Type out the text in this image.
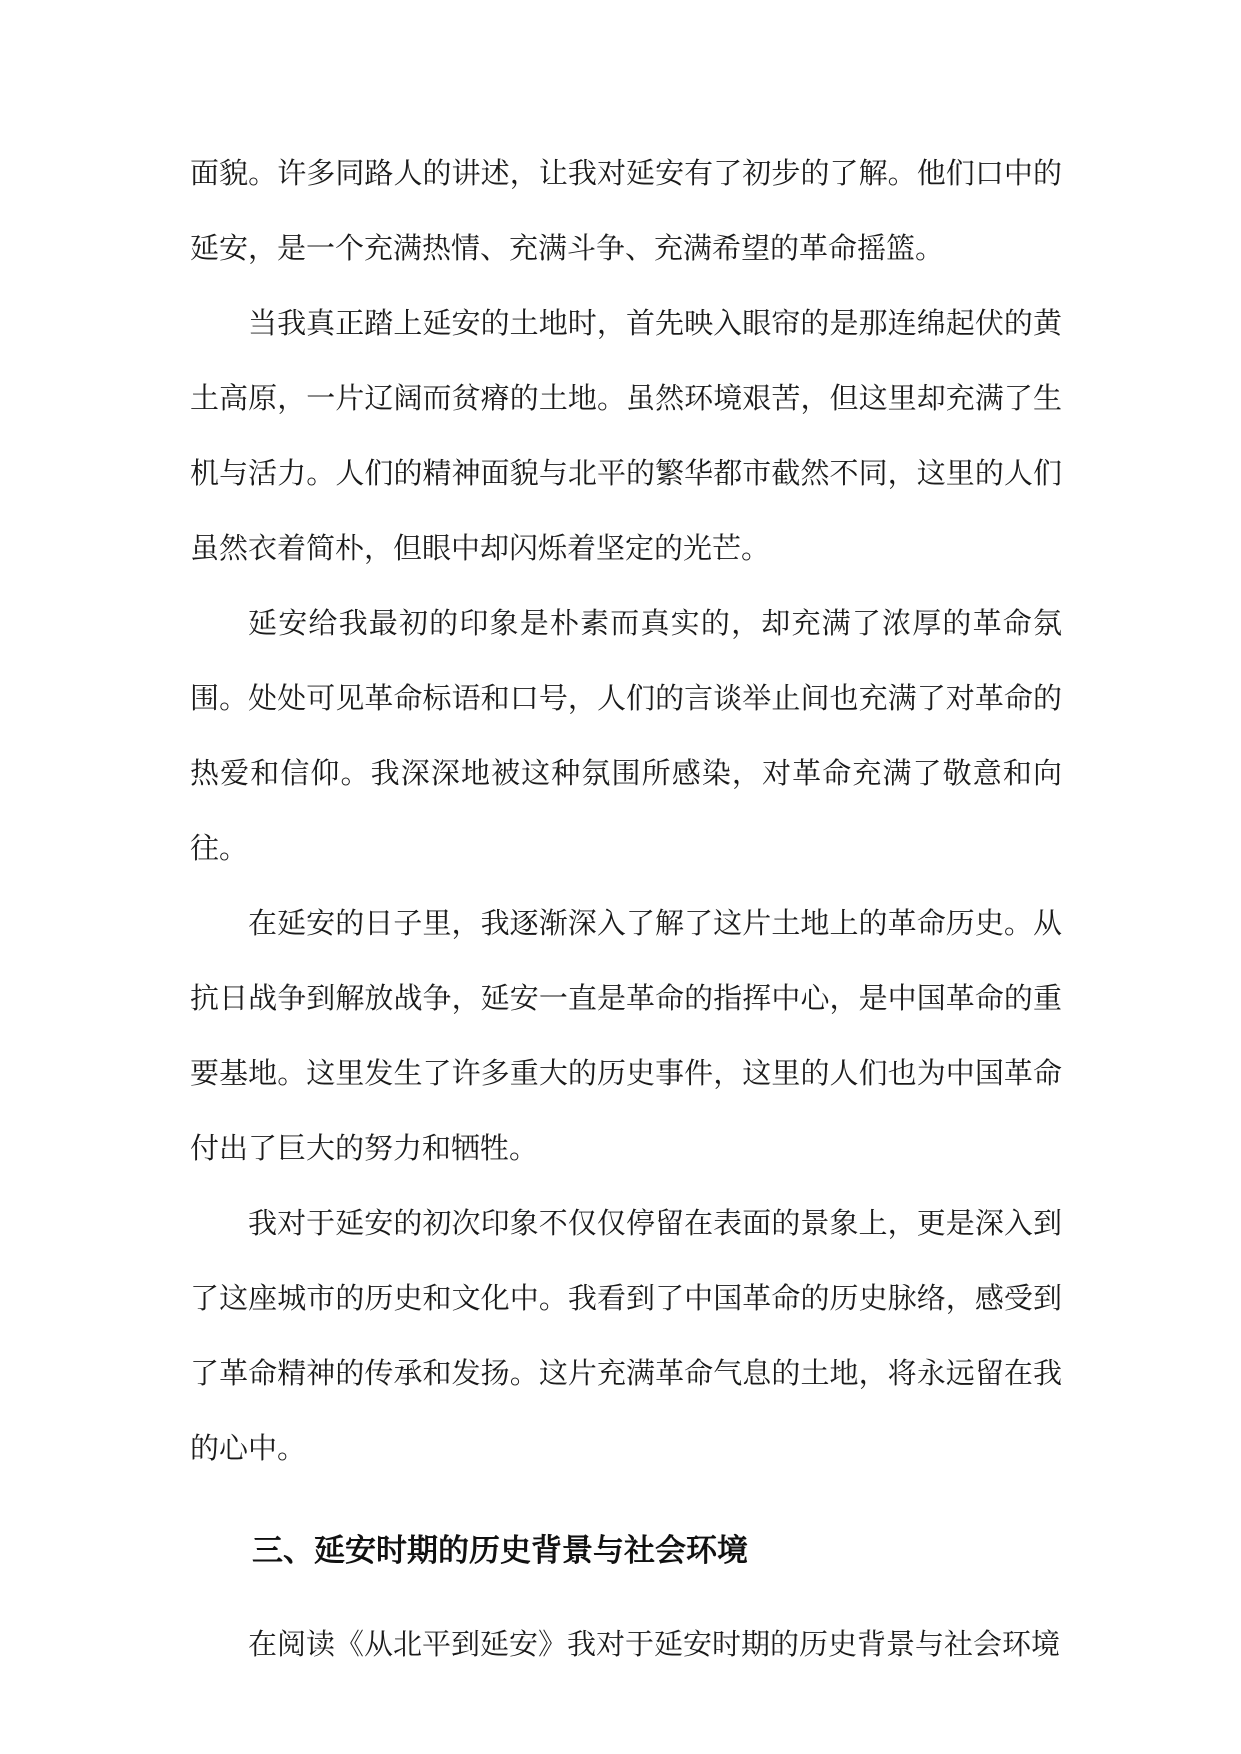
面貌。许多同路人的讲述，让我对延安有了初步的了解。他们口中的延安，是一个充满热情、充满斗争、充满希望的革命摇篮。

当我真正踏上延安的土地时，首先映入眼帘的是那连绵起伏的黄土高原，一片辽阔而贫瘠的土地。虽然环境艰苦，但这里却充满了生机与活力。人们的精神面貌与北平的繁华都市截然不同，这里的人们虽然衣着简朴，但眼中却闪烁着坚定的光芒。

延安给我最初的印象是朴素而真实的，却充满了浓厚的革命氛围。处处可见革命标语和口号，人们的言谈举止间也充满了对革命的热爱和信仰。我深深地被这种氛围所感染，对革命充满了敬意和向往。

在延安的日子里，我逐渐深入了解了这片土地上的革命历史。从抗日战争到解放战争，延安一直是革命的指挥中心，是中国革命的重要基地。这里发生了许多重大的历史事件，这里的人们也为中国革命付出了巨大的努力和牺牲。

我对于延安的初次印象不仅仅停留在表面的景象上，更是深入到了这座城市的历史和文化中。我看到了中国革命的历史脉络，感受到了革命精神的传承和发扬。这片充满革命气息的土地，将永远留在我的心中。

三、延安时期的历史背景与社会环境

在阅读《从北平到延安》我对于延安时期的历史背景与社会环境
